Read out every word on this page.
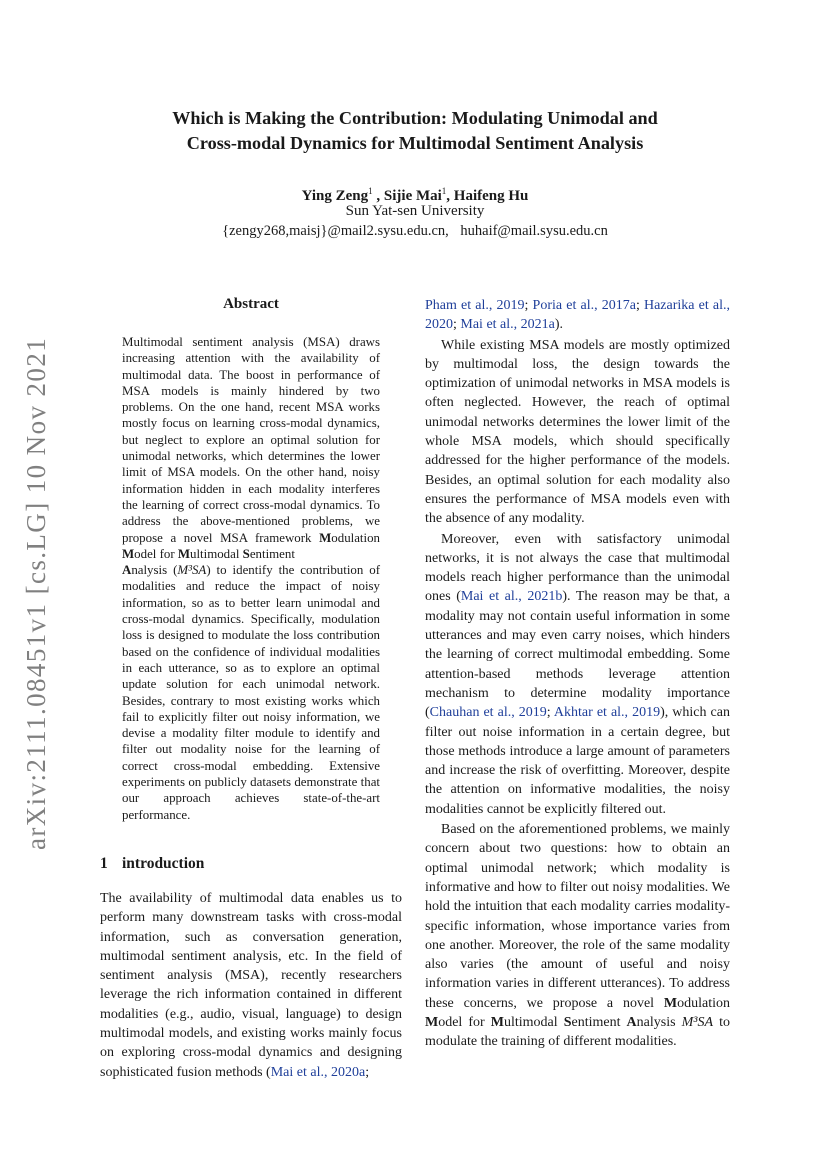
arXiv:2111.08451v1 [cs.LG] 10 Nov 2021
Which is Making the Contribution: Modulating Unimodal and
Cross-modal Dynamics for Multimodal Sentiment Analysis
Ying Zeng$^1$ , Sijie Mai$^1$, Haifeng Hu
Sun Yat-sen University
{zengy268,maisj}@mail2.sysu.edu.cn, huhaif@mail.sysu.edu.cn
Abstract
Multimodal sentiment analysis (MSA) draws increasing attention with the availability of multimodal data. The boost in performance of MSA models is mainly hindered by two problems. On the one hand, recent MSA works mostly focus on learning cross-modal dynamics, but neglect to explore an optimal solution for unimodal networks, which determines the lower limit of MSA models. On the other hand, noisy information hidden in each modality interferes the learning of correct cross-modal dynamics. To address the above-mentioned problems, we propose a novel MSA framework Modulation Model for Multimodal Sentiment
Analysis (M³SA) to identify the contribution of modalities and reduce the impact of noisy information, so as to better learn unimodal and cross-modal dynamics. Specifically, modulation loss is designed to modulate the loss contribution based on the confidence of individual modalities in each utterance, so as to explore an optimal update solution for each unimodal network. Besides, contrary to most existing works which fail to explicitly filter out noisy information, we devise a modality filter module to identify and filter out modality noise for the learning of correct cross-modal embedding. Extensive experiments on publicly datasets demonstrate that our approach achieves state-of-the-art performance.
1 introduction
The availability of multimodal data enables us to perform many downstream tasks with cross-modal information, such as conversation generation, multimodal sentiment analysis, etc. In the field of sentiment analysis (MSA), recently researchers leverage the rich information contained in different modalities (e.g., audio, visual, language) to design multimodal models, and existing works mainly focus on exploring cross-modal dynamics and designing sophisticated fusion methods (Mai et al., 2020a;

Pham et al., 2019; Poria et al., 2017a; Hazarika et al., 2020; Mai et al., 2021a).

While existing MSA models are mostly optimized by multimodal loss, the design towards the optimization of unimodal networks in MSA models is often neglected. However, the reach of optimal unimodal networks determines the lower limit of the whole MSA models, which should specifically addressed for the higher performance of the models. Besides, an optimal solution for each modality also ensures the performance of MSA models even with the absence of any modality.

Moreover, even with satisfactory unimodal networks, it is not always the case that multimodal models reach higher performance than the unimodal ones (Mai et al., 2021b). The reason may be that, a modality may not contain useful information in some utterances and may even carry noises, which hinders the learning of correct multimodal embedding. Some attention-based methods leverage attention mechanism to determine modality importance (Chauhan et al., 2019; Akhtar et al., 2019), which can filter out noise information in a certain degree, but those methods introduce a large amount of parameters and increase the risk of overfitting. Moreover, despite the attention on informative modalities, the noisy modalities cannot be explicitly filtered out.

Based on the aforementioned problems, we mainly concern about two questions: how to obtain an optimal unimodal network; which modality is informative and how to filter out noisy modalities. We hold the intuition that each modality carries modality-specific information, whose importance varies from one another. Moreover, the role of the same modality also varies (the amount of useful and noisy information varies in different utterances). To address these concerns, we propose a novel Modulation Model for Multimodal Sentiment Analysis M³SA to modulate the training of different modalities.
